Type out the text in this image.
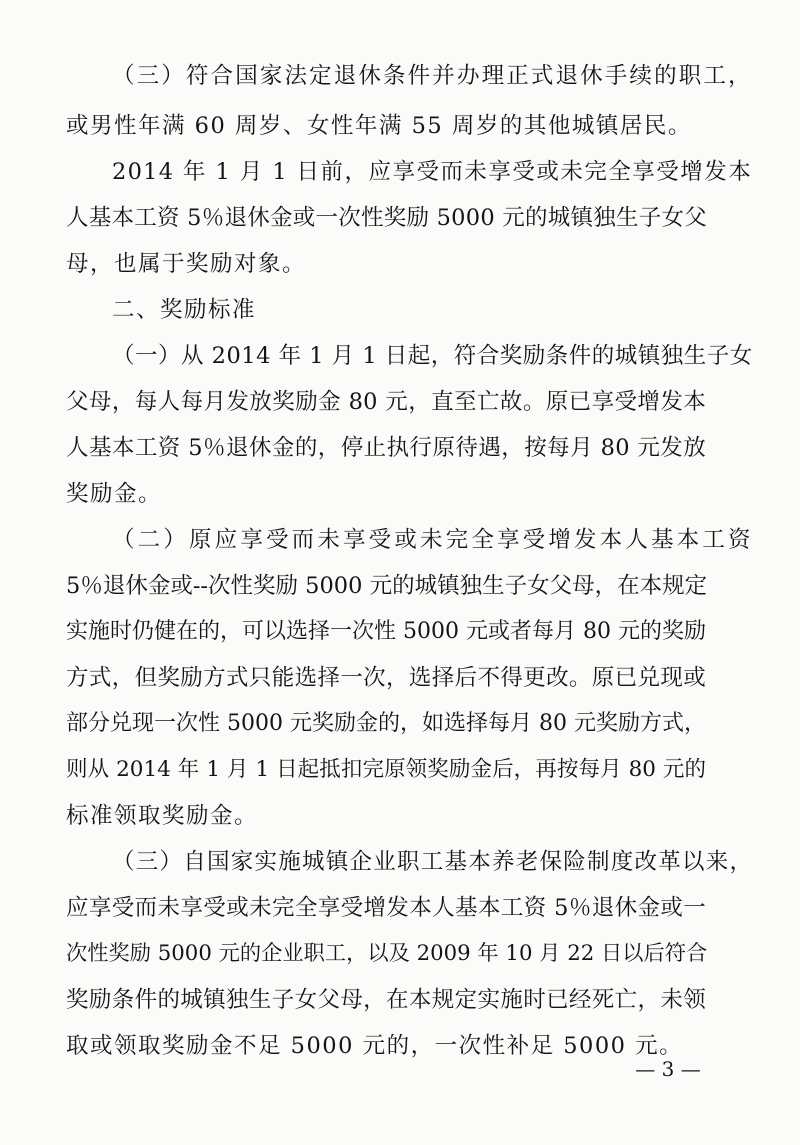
（三）符合国家法定退休条件并办理正式退休手续的职工，
或男性年满 60 周岁、女性年满 55 周岁的其他城镇居民。
2014 年 1 月 1 日前，应享受而未享受或未完全享受增发本
人基本工资 5％退休金或一次性奖励 5000 元的城镇独生子女父
母，也属于奖励对象。
二、奖励标准
（一）从 2014 年 1 月 1 日起，符合奖励条件的城镇独生子女
父母，每人每月发放奖励金 80 元，直至亡故。原已享受增发本
人基本工资 5％退休金的，停止执行原待遇，按每月 80 元发放
奖励金。
（二）原应享受而未享受或未完全享受增发本人基本工资
5％退休金或--次性奖励 5000 元的城镇独生子女父母，在本规定
实施时仍健在的，可以选择一次性 5000 元或者每月 80 元的奖励
方式，但奖励方式只能选择一次，选择后不得更改。原已兑现或
部分兑现一次性 5000 元奖励金的，如选择每月 80 元奖励方式，
则从 2014 年 1 月 1 日起抵扣完原领奖励金后，再按每月 80 元的
标准领取奖励金。
（三）自国家实施城镇企业职工基本养老保险制度改革以来，
应享受而未享受或未完全享受增发本人基本工资 5％退休金或一
次性奖励 5000 元的企业职工，以及 2009 年 10 月 22 日以后符合
奖励条件的城镇独生子女父母，在本规定实施时已经死亡，未领
取或领取奖励金不足 5000 元的，一次性补足 5000 元。
— 3 —
